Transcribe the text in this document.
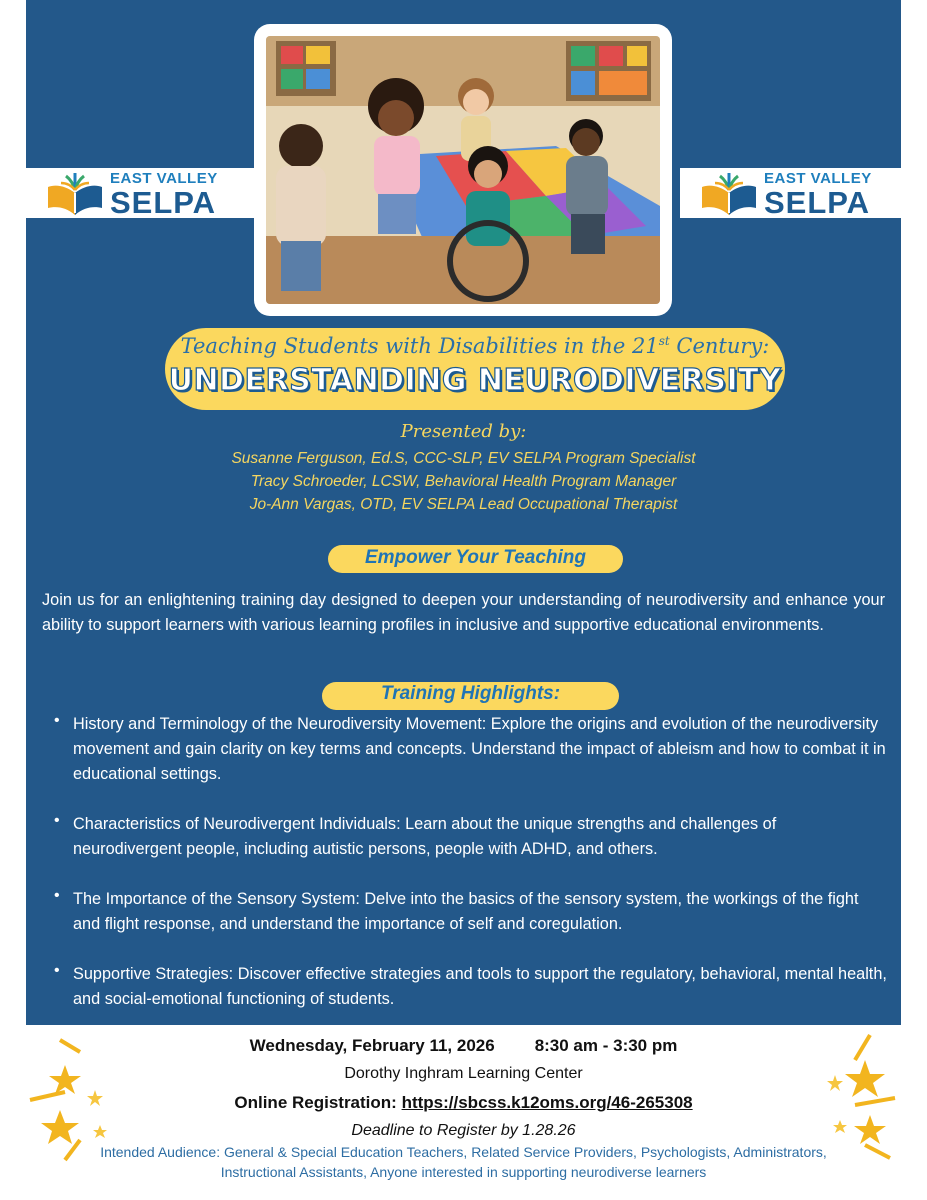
EAST VALLEY
SELPA
EAST VALLEY
SELPA
Teaching Students with Disabilities in the 21st Century:
UNDERSTANDING NEURODIVERSITY
Presented by:
Susanne Ferguson, Ed.S, CCC-SLP, EV SELPA Program Specialist
Tracy Schroeder, LCSW, Behavioral Health Program Manager
Jo-Ann Vargas, OTD, EV SELPA Lead Occupational Therapist
Empower Your Teaching
Join us for an enlightening training day designed to deepen your understanding of neurodiversity and enhance your ability to support learners with various learning profiles in inclusive and supportive educational environments.
Training Highlights:
• History and Terminology of the Neurodiversity Movement: Explore the origins and evolution of the neurodiversity movement and gain clarity on key terms and concepts. Understand the impact of ableism and how to combat it in educational settings.
• Characteristics of Neurodivergent Individuals: Learn about the unique strengths and challenges of neurodivergent people, including autistic persons, people with ADHD, and others.
• The Importance of the Sensory System: Delve into the basics of the sensory system, the workings of the fight and flight response, and understand the importance of self and coregulation.
• Supportive Strategies: Discover effective strategies and tools to support the regulatory, behavioral, mental health, and social-emotional functioning of students.
Wednesday, February 11, 2026 8:30 am - 3:30 pm
Dorothy Inghram Learning Center
Online Registration: https://sbcss.k12oms.org/46-265308
Deadline to Register by 1.28.26
Intended Audience: General & Special Education Teachers, Related Service Providers, Psychologists, Administrators,
Instructional Assistants, Anyone interested in supporting neurodiverse learners
